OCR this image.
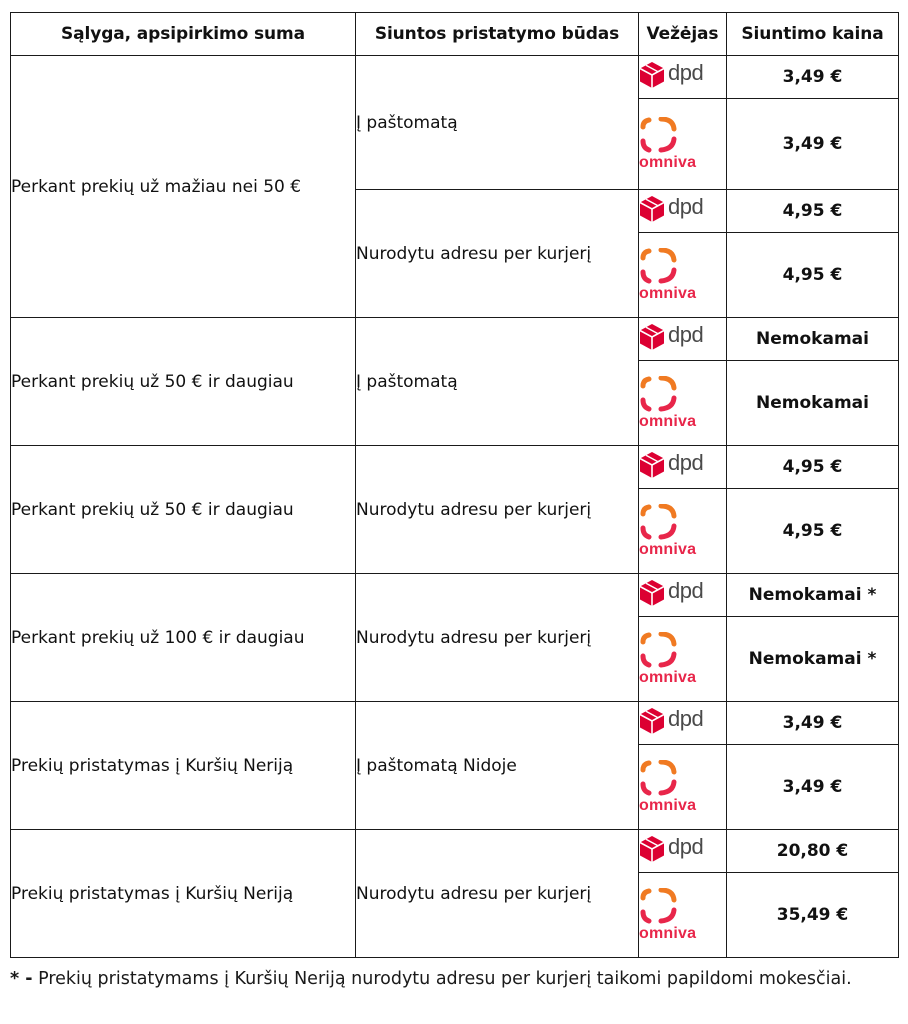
Sąlyga, apsipirkimo suma	Siuntos pristatymo būdas	Vežėjas	Siuntimo kaina
Perkant prekių už mažiau nei 50 €	Į paštomatą	dpd	3,49 €

		omniva	3,49 €
	Nurodytu adresu per kurjerį	dpd	4,95 €

		omniva	4,95 €
Perkant prekių už 50 € ir daugiau	Į paštomatą	dpd	Nemokamai

		omniva	Nemokamai
Perkant prekių už 50 € ir daugiau	Nurodytu adresu per kurjerį	dpd	4,95 €

		omniva	4,95 €
Perkant prekių už 100 € ir daugiau	Nurodytu adresu per kurjerį	dpd	Nemokamai *

		omniva	Nemokamai *
Prekių pristatymas į Kuršių Neriją	Į paštomatą Nidoje	dpd	3,49 €

		omniva	3,49 €
Prekių pristatymas į Kuršių Neriją	Nurodytu adresu per kurjerį	dpd	20,80 €

		omniva	35,49 €
* - Prekių pristatymams į Kuršių Neriją nurodytu adresu per kurjerį taikomi papildomi mokesčiai.
